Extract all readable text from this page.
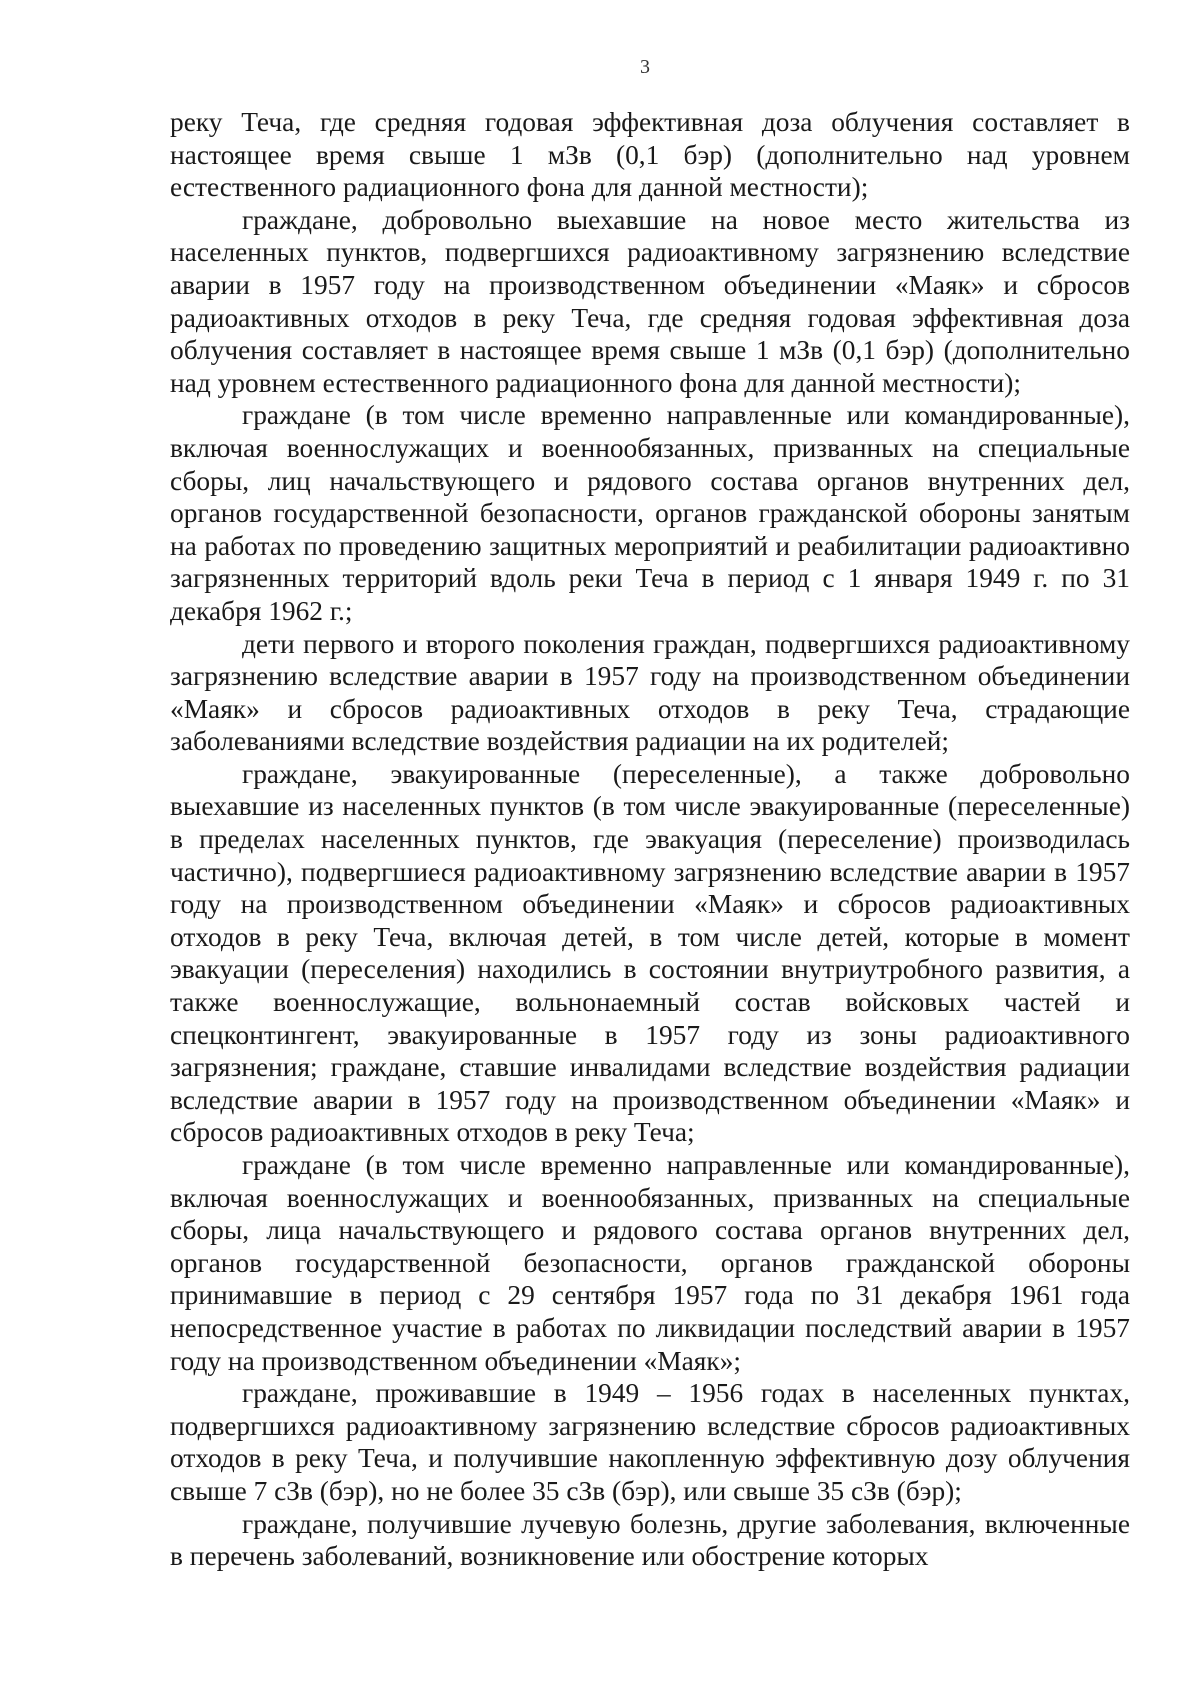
3

реку Теча, где средняя годовая эффективная доза облучения составляет в настоящее время свыше 1 мЗв (0,1 бэр) (дополнительно над уровнем естественного радиационного фона для данной местности);

граждане, добровольно выехавшие на новое место жительства из населенных пунктов, подвергшихся радиоактивному загрязнению вследствие аварии в 1957 году на производственном объединении «Маяк» и сбросов радиоактивных отходов в реку Теча, где средняя годовая эффективная доза облучения составляет в настоящее время свыше 1 мЗв (0,1 бэр) (дополнительно над уровнем естественного радиационного фона для данной местности);

граждане (в том числе временно направленные или командированные), включая военнослужащих и военнообязанных, призванных на специальные сборы, лиц начальствующего и рядового состава органов внутренних дел, органов государственной безопасности, органов гражданской обороны занятым на работах по проведению защитных мероприятий и реабилитации радиоактивно загрязненных территорий вдоль реки Теча в период с 1 января 1949 г. по 31 декабря 1962 г.;

дети первого и второго поколения граждан, подвергшихся радиоактивному загрязнению вследствие аварии в 1957 году на производственном объединении «Маяк» и сбросов радиоактивных отходов в реку Теча, страдающие заболеваниями вследствие воздействия радиации на их родителей;

граждане, эвакуированные (переселенные), а также добровольно выехавшие из населенных пунктов (в том числе эвакуированные (переселенные) в пределах населенных пунктов, где эвакуация (переселение) производилась частично), подвергшиеся радиоактивному загрязнению вследствие аварии в 1957 году на производственном объединении «Маяк» и сбросов радиоактивных отходов в реку Теча, включая детей, в том числе детей, которые в момент эвакуации (переселения) находились в состоянии внутриутробного развития, а также военнослужащие, вольнонаемный состав войсковых частей и спецконтингент, эвакуированные в 1957 году из зоны радиоактивного загрязнения; граждане, ставшие инвалидами вследствие воздействия радиации вследствие аварии в 1957 году на производственном объединении «Маяк» и сбросов радиоактивных отходов в реку Теча;

граждане (в том числе временно направленные или командированные), включая военнослужащих и военнообязанных, призванных на специальные сборы, лица начальствующего и рядового состава органов внутренних дел, органов государственной безопасности, органов гражданской обороны принимавшие в период с 29 сентября 1957 года по 31 декабря 1961 года непосредственное участие в работах по ликвидации последствий аварии в 1957 году на производственном объединении «Маяк»;

граждане, проживавшие в 1949 – 1956 годах в населенных пунктах, подвергшихся радиоактивному загрязнению вследствие сбросов радиоактивных отходов в реку Теча, и получившие накопленную эффективную дозу облучения свыше 7 сЗв (бэр), но не более 35 сЗв (бэр), или свыше 35 сЗв (бэр);

граждане, получившие лучевую болезнь, другие заболевания, включенные в перечень заболеваний, возникновение или обострение которых
